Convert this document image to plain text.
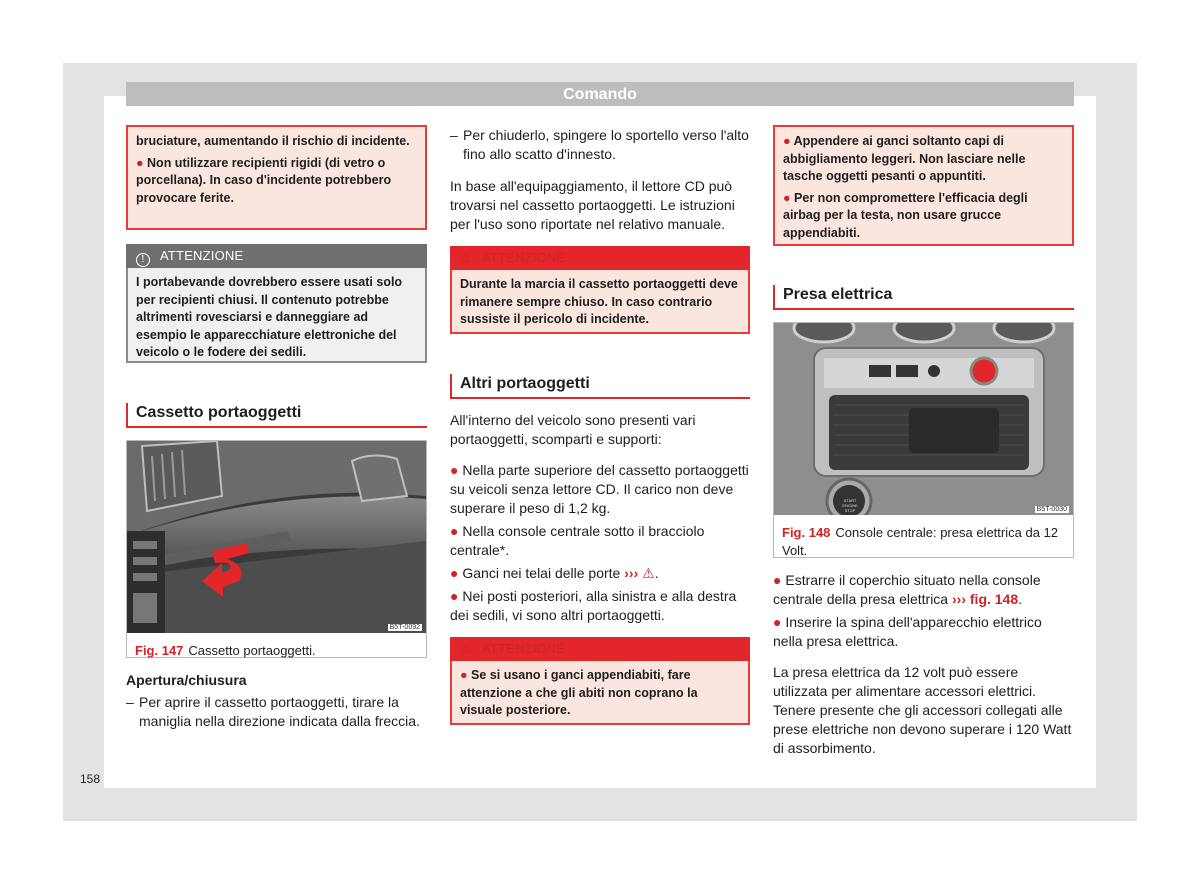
Comando

bruciature, aumentando il rischio di incidente.

● Non utilizzare recipienti rigidi (di vetro o porcellana). In caso d'incidente potrebbero provocare ferite.

! ATTENZIONE
I portabevande dovrebbero essere usati solo per recipienti chiusi. Il contenuto potrebbe altrimenti rovesciarsi e danneggiare ad esempio le apparecchiature elettroniche del veicolo o le fodere dei sedili.
Cassetto portaoggetti
B5T-0092
Fig. 147 Cassetto portaoggetti.
Apertura/chiusura
– Per aprire il cassetto portaoggetti, tirare la maniglia nella direzione indicata dalla freccia.

– Per chiuderlo, spingere lo sportello verso l'alto fino allo scatto d'innesto.

In base all'equipaggiamento, il lettore CD può trovarsi nel cassetto portaoggetti. Le istruzioni per l'uso sono riportate nel relativo manuale.

⚠ ATTENZIONE
Durante la marcia il cassetto portaoggetti deve rimanere sempre chiuso. In caso contrario sussiste il pericolo di incidente.
Altri portaoggetti

All'interno del veicolo sono presenti vari portaoggetti, scomparti e supporti:

● Nella parte superiore del cassetto portaoggetti su veicoli senza lettore CD. Il carico non deve superare il peso di 1,2 kg.

● Nella console centrale sotto il bracciolo centrale*.

● Ganci nei telai delle porte ››› ⚠.

● Nei posti posteriori, alla sinistra e alla destra dei sedili, vi sono altri portaoggetti.

⚠ ATTENZIONE
● Se si usano i ganci appendiabiti, fare attenzione a che gli abiti non coprano la visuale posteriore.

● Appendere ai ganci soltanto capi di abbigliamento leggeri. Non lasciare nelle tasche oggetti pesanti o appuntiti.

● Per non compromettere l'efficacia degli airbag per la testa, non usare grucce appendiabiti.

Presa elettrica
START ENGINE STOP	B5T-0030
Fig. 148 Console centrale: presa elettrica da 12 Volt.

● Estrarre il coperchio situato nella console centrale della presa elettrica ››› fig. 148.

● Inserire la spina dell'apparecchio elettrico nella presa elettrica.

La presa elettrica da 12 volt può essere utilizzata per alimentare accessori elettrici. Tenere presente che gli accessori collegati alle prese elettriche non devono superare i 120 Watt di assorbimento.

158
